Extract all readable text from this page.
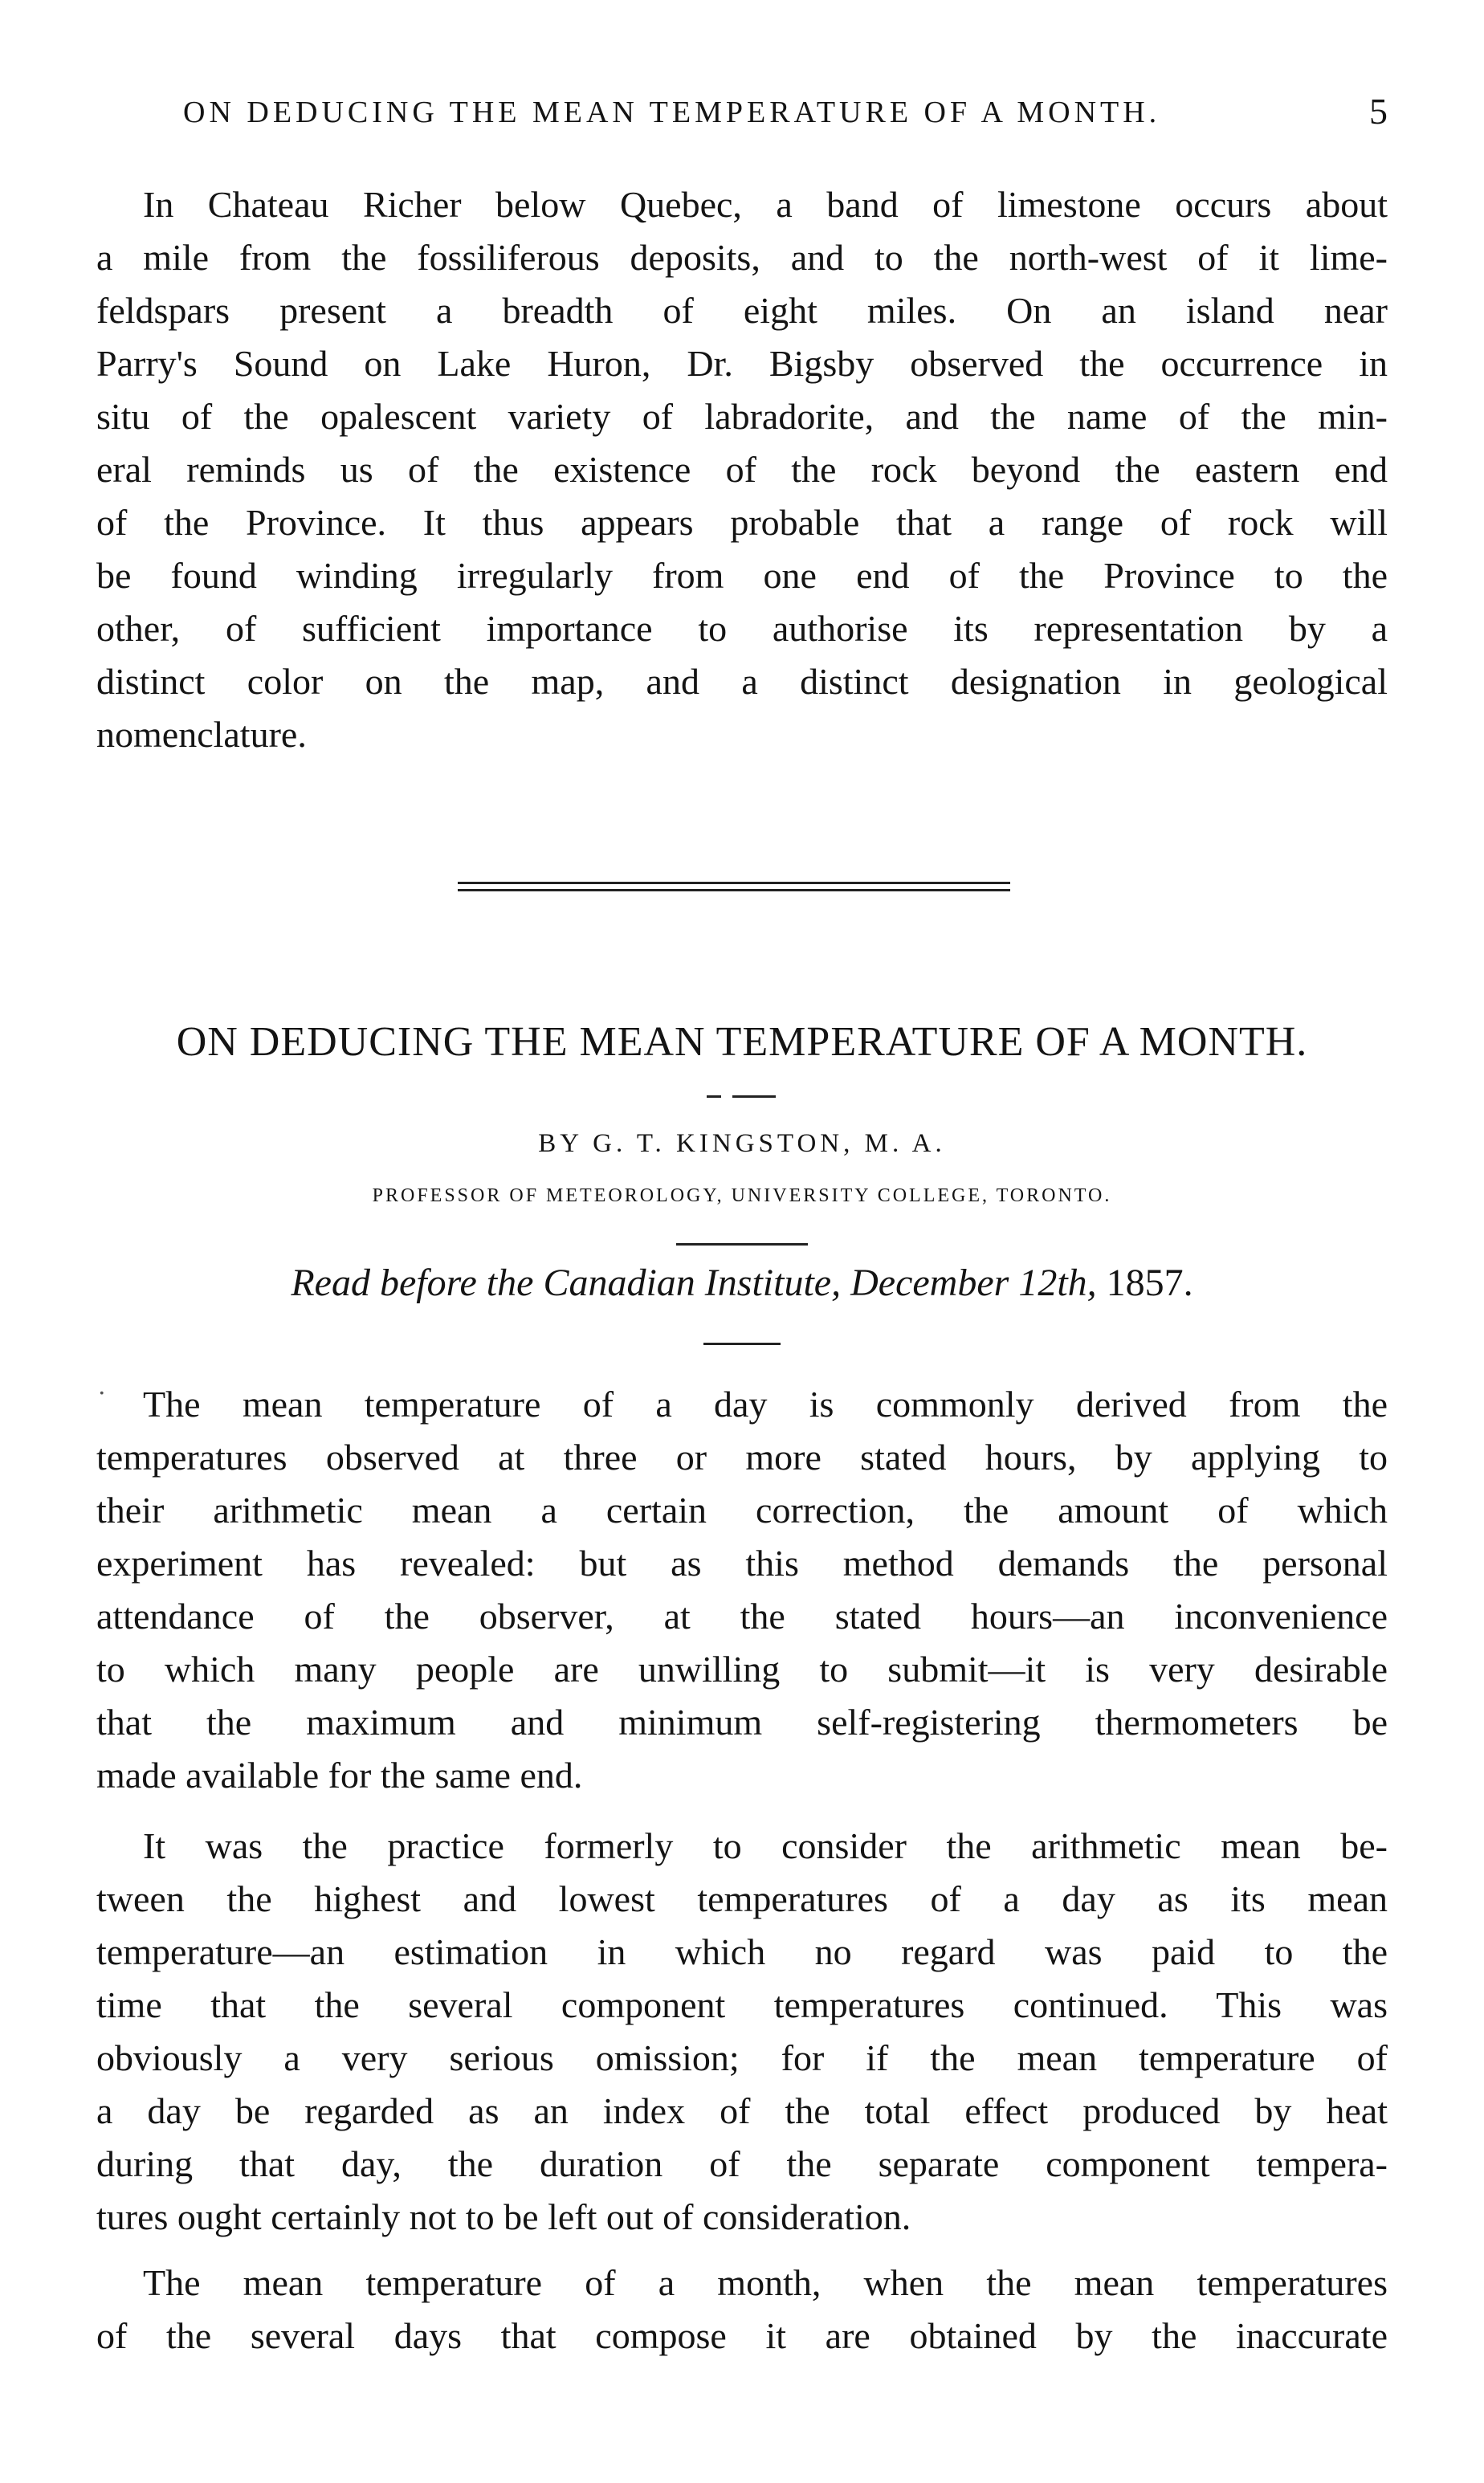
ON DEDUCING THE MEAN TEMPERATURE OF A MONTH.	5
In Chateau Richer below Quebec, a band of limestone occurs about
a mile from the fossiliferous deposits, and to the north-west of it lime-
feldspars present a breadth of eight miles. On an island near
Parry's Sound on Lake Huron, Dr. Bigsby observed the occurrence in
situ of the opalescent variety of labradorite, and the name of the min-
eral reminds us of the existence of the rock beyond the eastern end
of the Province. It thus appears probable that a range of rock will
be found winding irregularly from one end of the Province to the
other, of sufficient importance to authorise its representation by a
distinct color on the map, and a distinct designation in geological
nomenclature.
ON DEDUCING THE MEAN TEMPERATURE OF A MONTH.
BY G. T. KINGSTON, M. A.
PROFESSOR OF METEOROLOGY, UNIVERSITY COLLEGE, TORONTO.
Read before the Canadian Institute, December 12th, 1857.
·	The mean temperature of a day is commonly derived from the
temperatures observed at three or more stated hours, by applying to
their arithmetic mean a certain correction, the amount of which
experiment has revealed: but as this method demands the personal
attendance of the observer, at the stated hours—an inconvenience
to which many people are unwilling to submit—it is very desirable
that the maximum and minimum self-registering thermometers be
made available for the same end.
It was the practice formerly to consider the arithmetic mean be-
tween the highest and lowest temperatures of a day as its mean
temperature—an estimation in which no regard was paid to the
time that the several component temperatures continued. This was
obviously a very serious omission; for if the mean temperature of
a day be regarded as an index of the total effect produced by heat
during that day, the duration of the separate component tempera-
tures ought certainly not to be left out of consideration.
The mean temperature of a month, when the mean temperatures
of the several days that compose it are obtained by the inaccurate
